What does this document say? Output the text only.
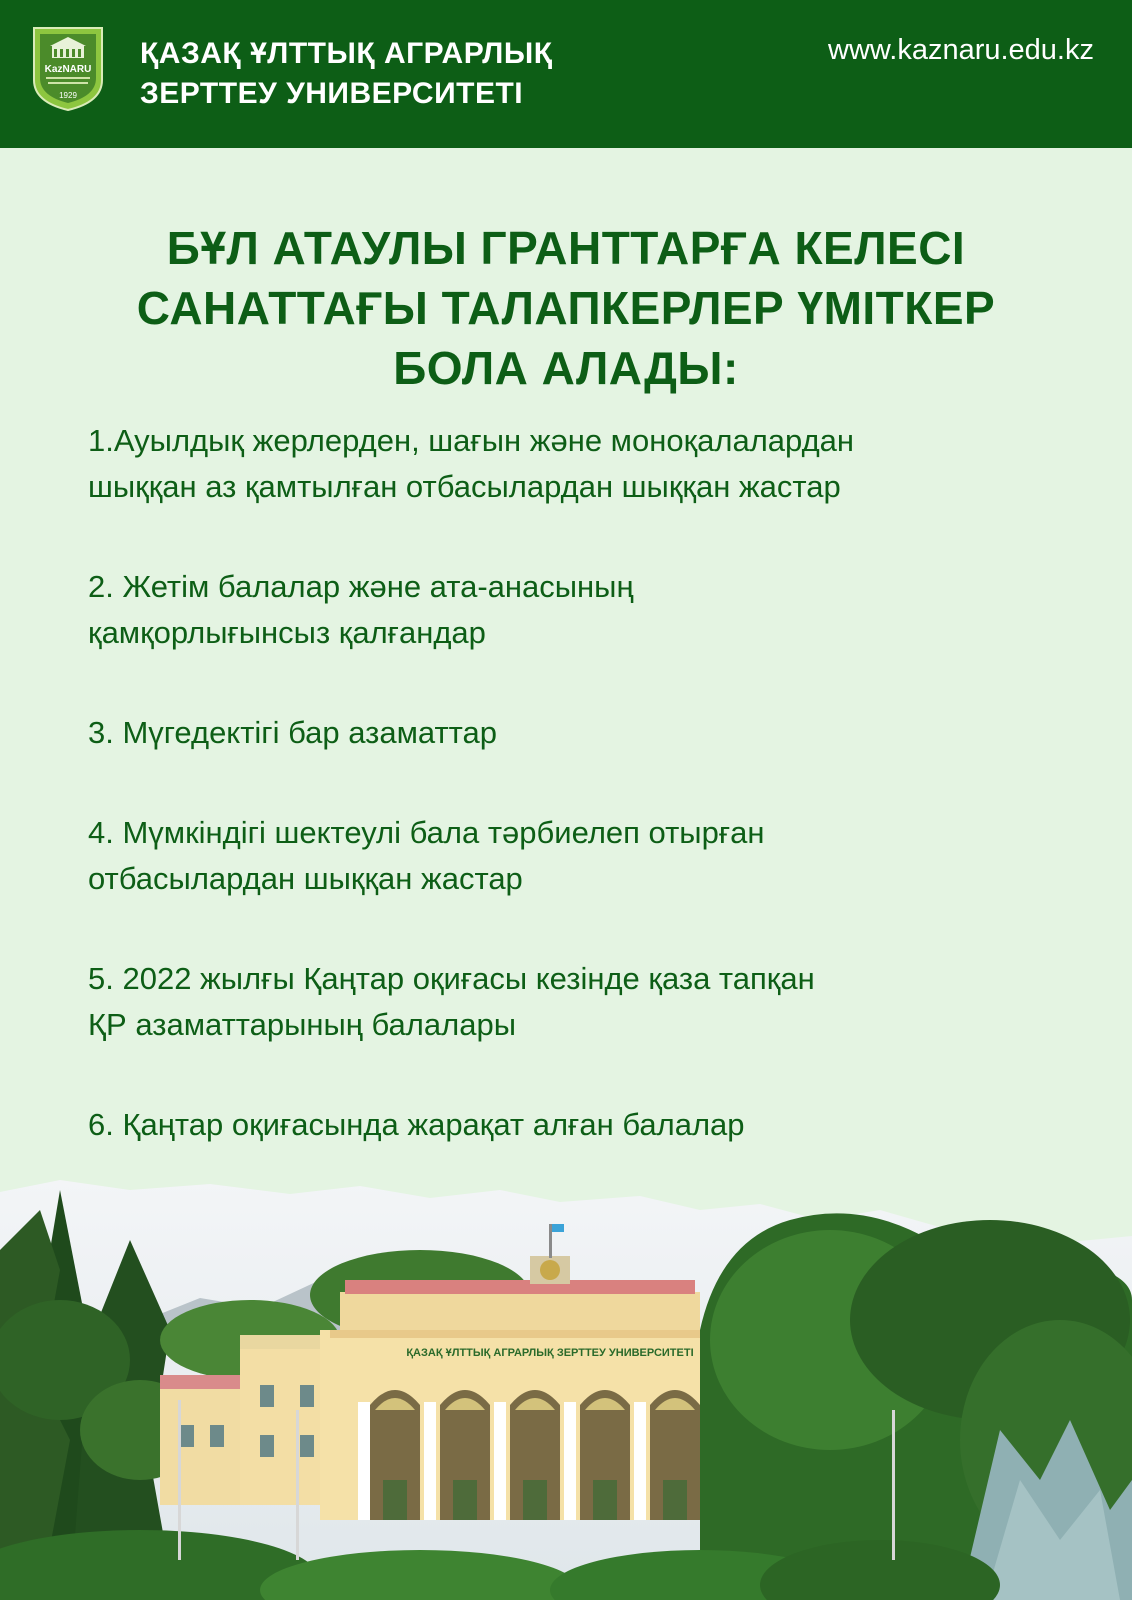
KazNARU
1929
ҚАЗАҚ ҰЛТТЫҚ АГРАРЛЫҚ
ЗЕРТТЕУ УНИВЕРСИТЕТІ
www.kaznaru.edu.kz
БҰЛ АТАУЛЫ ГРАНТТАРҒА КЕЛЕСІ
САНАТТАҒЫ ТАЛАПКЕРЛЕР ҮМІТКЕР
БОЛА АЛАДЫ:
1.Ауылдық жерлерден, шағын және моноқалалардан
шыққан аз қамтылған отбасылардан шыққан жастар
2. Жетім балалар және ата-анасының
қамқорлығынсыз қалғандар
3. Мүгедектігі бар азаматтар
4. Мүмкіндігі шектеулі бала тәрбиелеп отырған
отбасылардан шыққан жастар
5. 2022 жылғы Қаңтар оқиғасы кезінде қаза тапқан
ҚР азаматтарының балалары
6. Қаңтар оқиғасында жарақат алған балалар
ҚАЗАҚ ҰЛТТЫҚ АГРАРЛЫҚ ЗЕРТТЕУ УНИВЕРСИТЕТІ
